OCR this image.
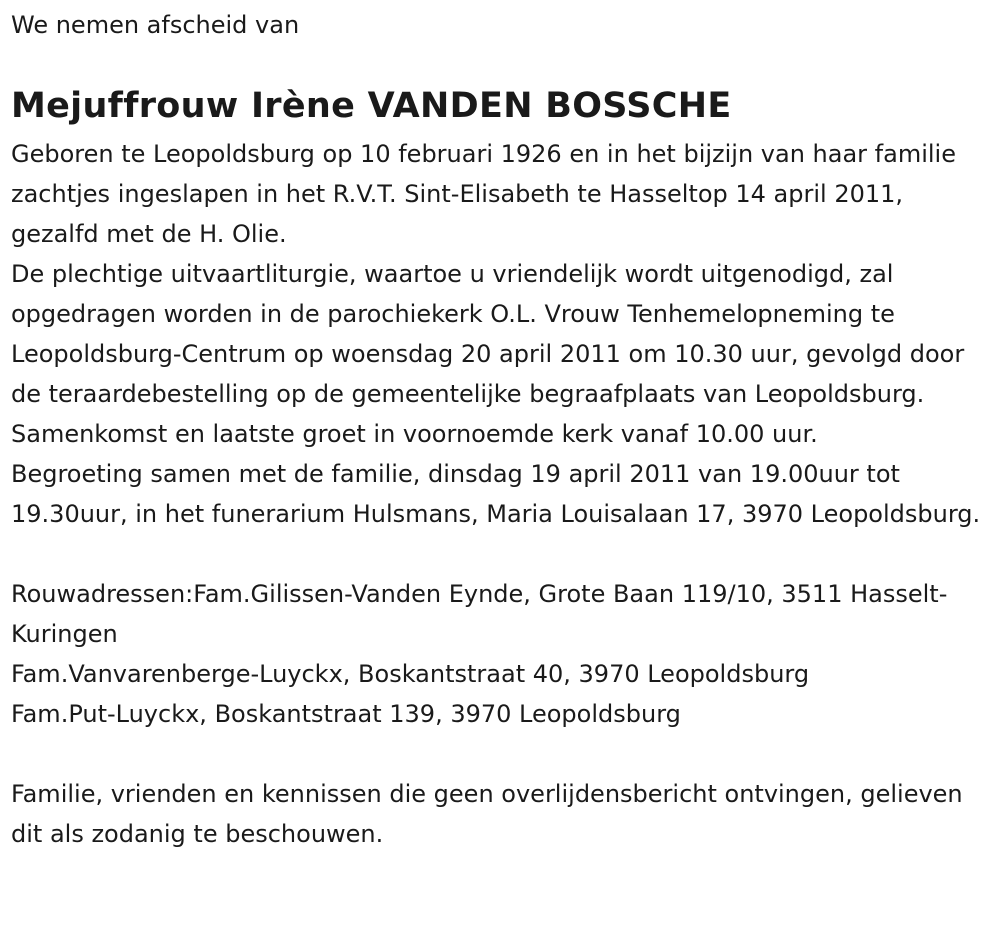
We nemen afscheid van

Mejuffrouw Irène VANDEN BOSSCHE

Geboren te Leopoldsburg op 10 februari 1926 en in het bijzijn van haar familie zachtjes ingeslapen in het R.V.T. Sint-Elisabeth te Hasseltop 14 april 2011, gezalfd met de H. Olie.

De plechtige uitvaartliturgie, waartoe u vriendelijk wordt uitgenodigd, zal opgedragen worden in de parochiekerk O.L. Vrouw Tenhemelopneming te Leopoldsburg-Centrum op woensdag 20 april 2011 om 10.30 uur, gevolgd door de teraardebestelling op de gemeentelijke begraafplaats van Leopoldsburg.

Samenkomst en laatste groet in voornoemde kerk vanaf 10.00 uur.

Begroeting samen met de familie, dinsdag 19 april 2011 van 19.00uur tot 19.30uur, in het funerarium Hulsmans, Maria Louisalaan 17, 3970 Leopoldsburg.

Rouwadressen:Fam.Gilissen-Vanden Eynde, Grote Baan 119/10, 3511 Hasselt-Kuringen

Fam.Vanvarenberge-Luyckx, Boskantstraat 40, 3970 Leopoldsburg

Fam.Put-Luyckx, Boskantstraat 139, 3970 Leopoldsburg

Familie, vrienden en kennissen die geen overlijdensbericht ontvingen, gelieven dit als zodanig te beschouwen.
